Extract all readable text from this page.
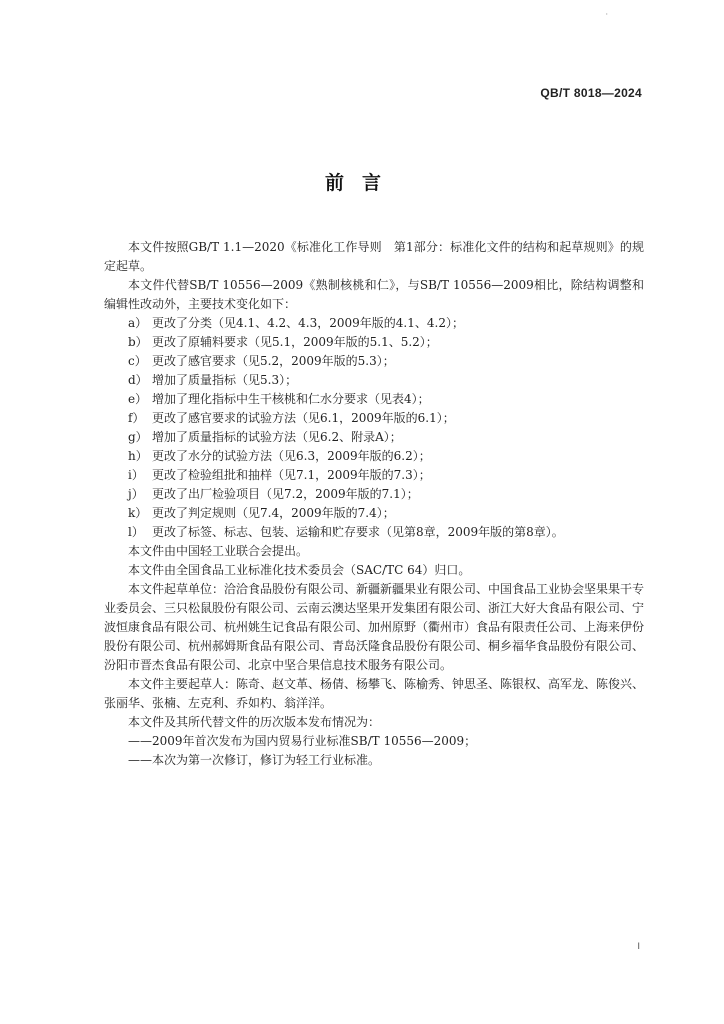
·
QB/T 8018—2024
前言

本文件按照GB/T 1.1—2020《标准化工作导则　第1部分：标准化文件的结构和起草规则》的规定起草。

本文件代替SB/T 10556—2009《熟制核桃和仁》，与SB/T 10556—2009相比，除结构调整和编辑性改动外，主要技术变化如下：

a） 更改了分类（见4.1、4.2、4.3，2009年版的4.1、4.2）；
b） 更改了原辅料要求（见5.1，2009年版的5.1、5.2）；
c） 更改了感官要求（见5.2，2009年版的5.3）；
d） 增加了质量指标（见5.3）；
e） 增加了理化指标中生干核桃和仁水分要求（见表4）；
f） 更改了感官要求的试验方法（见6.1，2009年版的6.1）；
g） 增加了质量指标的试验方法（见6.2、附录A）；
h） 更改了水分的试验方法（见6.3，2009年版的6.2）；
i） 更改了检验组批和抽样（见7.1，2009年版的7.3）；
j） 更改了出厂检验项目（见7.2，2009年版的7.1）；
k） 更改了判定规则（见7.4，2009年版的7.4）；
l） 更改了标签、标志、包装、运输和贮存要求（见第8章，2009年版的第8章）。

本文件由中国轻工业联合会提出。

本文件由全国食品工业标准化技术委员会（SAC/TC 64）归口。

本文件起草单位：洽洽食品股份有限公司、新疆新疆果业有限公司、中国食品工业协会坚果果干专业委员会、三只松鼠股份有限公司、云南云澳达坚果开发集团有限公司、浙江大好大食品有限公司、宁波恒康食品有限公司、杭州姚生记食品有限公司、加州原野（衢州市）食品有限责任公司、上海来伊份股份有限公司、杭州郝姆斯食品有限公司、青岛沃隆食品股份有限公司、桐乡福华食品股份有限公司、汾阳市晋杰食品有限公司、北京中坚合果信息技术服务有限公司。

本文件主要起草人：陈奇、赵文革、杨倩、杨攀飞、陈榆秀、钟思圣、陈银权、高军龙、陈俊兴、张丽华、张楠、左克利、乔如杓、翁洋洋。

本文件及其所代替文件的历次版本发布情况为：

——2009年首次发布为国内贸易行业标准SB/T 10556—2009；

——本次为第一次修订，修订为轻工行业标准。

I
